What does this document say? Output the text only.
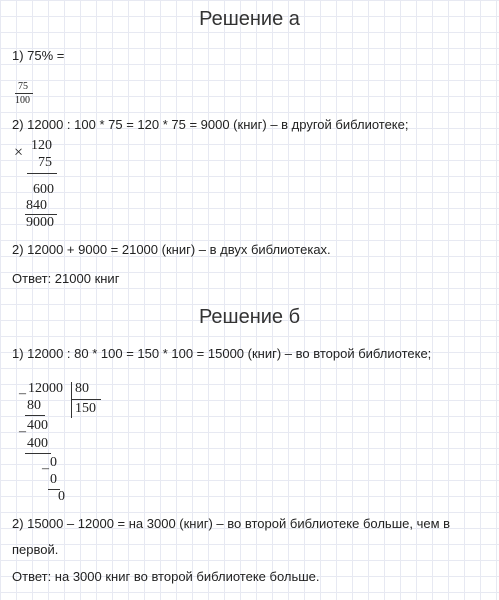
Решение а
1) 75% =
75
100
2) 12000 : 100 * 75 = 120 * 75 = 9000 (книг) – в другой библиотеке;
× 120
75
600
840
9000
2) 12000 + 9000 = 21000 (книг) – в двух библиотеках.
Ответ: 21000 книг
Решение б
1) 12000 : 80 * 100 = 150 * 100 = 15000 (книг) – во второй библиотеке;
– 12000 80
150
80
– 400
400
– 0
0
0
2) 15000 – 12000 = на 3000 (книг) – во второй библиотеке больше, чем в
первой.
Ответ: на 3000 книг во второй библиотеке больше.
